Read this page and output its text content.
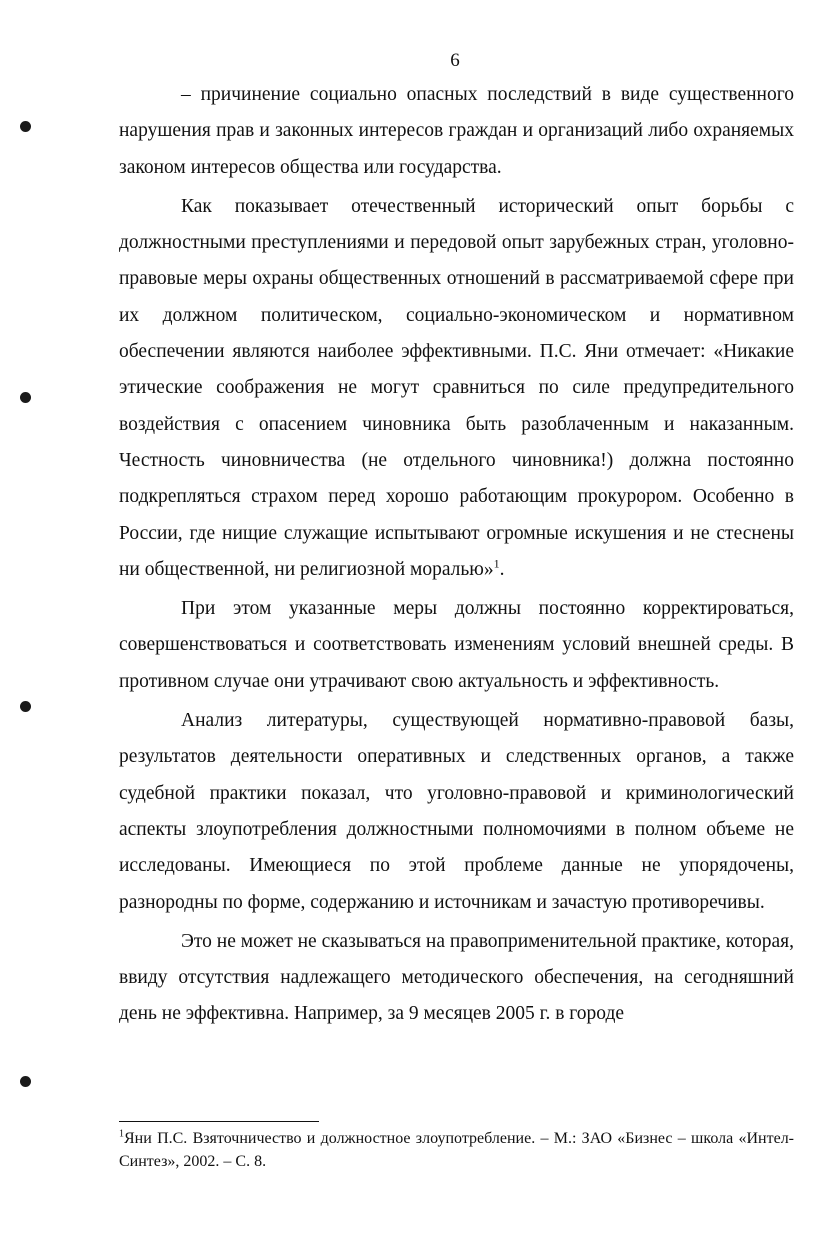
6

– причинение социально опасных последствий в виде существенного нарушения прав и законных интересов граждан и организаций либо охраняемых законом интересов общества или государства.

Как показывает отечественный исторический опыт борьбы с должностными преступлениями и передовой опыт зарубежных стран, уголовно-правовые меры охраны общественных отношений в рассматриваемой сфере при их должном политическом, социально-экономическом и нормативном обеспечении являются наиболее эффективными. П.С. Яни отмечает: «Никакие этические соображения не могут сравниться по силе предупредительного воздействия с опасением чиновника быть разоблаченным и наказанным. Честность чиновничества (не отдельного чиновника!) должна постоянно подкрепляться страхом перед хорошо работающим прокурором. Особенно в России, где нищие служащие испытывают огромные искушения и не стеснены ни общественной, ни религиозной моралью»$^1$.

При этом указанные меры должны постоянно корректироваться, совершенствоваться и соответствовать изменениям условий внешней среды. В противном случае они утрачивают свою актуальность и эффективность.

Анализ литературы, существующей нормативно-правовой базы, результатов деятельности оперативных и следственных органов, а также судебной практики показал, что уголовно-правовой и криминологический аспекты злоупотребления должностными полномочиями в полном объеме не исследованы. Имеющиеся по этой проблеме данные не упорядочены, разнородны по форме, содержанию и источникам и зачастую противоречивы.

Это не может не сказываться на правоприменительной практике, которая, ввиду отсутствия надлежащего методического обеспечения, на сегодняшний день не эффективна. Например, за 9 месяцев 2005 г. в городе

$^1$Яни П.С. Взяточничество и должностное злоупотребление. – М.: ЗАО «Бизнес – школа «Интел-Синтез», 2002. – С. 8.
